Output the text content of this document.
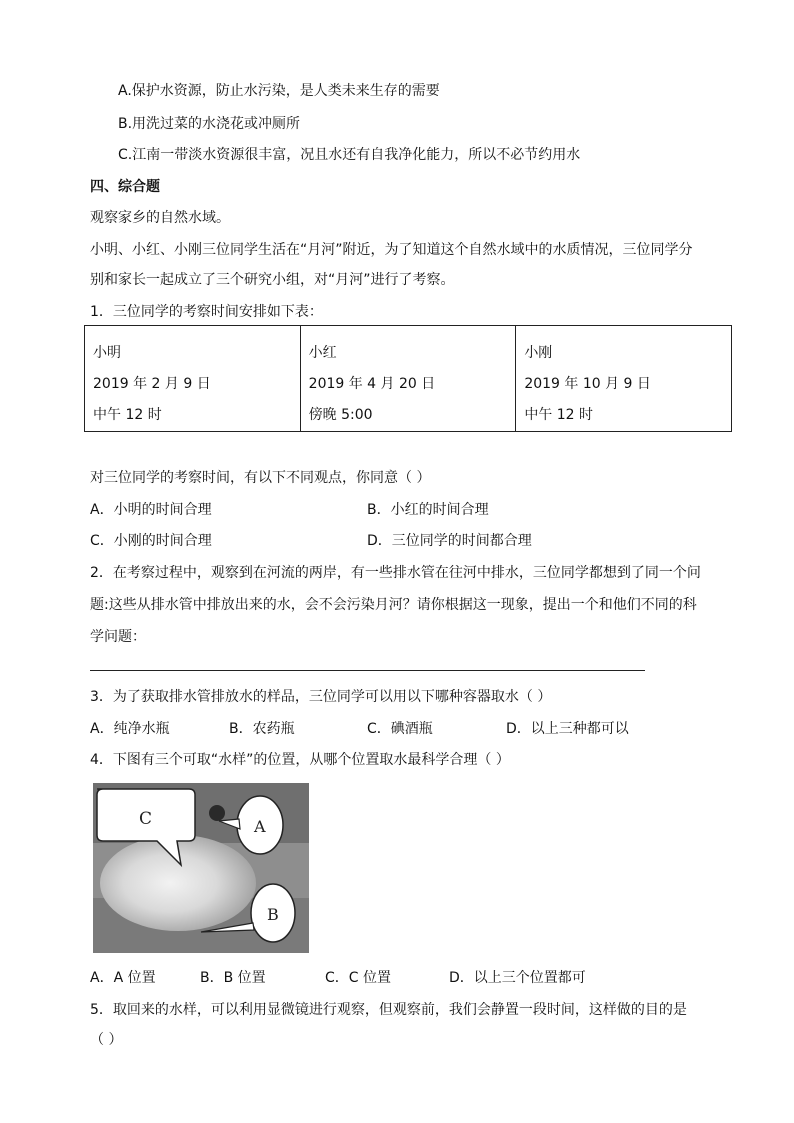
A.保护水资源，防止水污染，是人类未来生存的需要
B.用洗过菜的水浇花或冲厕所
C.江南一带淡水资源很丰富，况且水还有自我净化能力，所以不必节约用水
四、综合题
观察家乡的自然水域。
小明、小红、小刚三位同学生活在“月河”附近，为了知道这个自然水域中的水质情况，三位同学分
别和家长一起成立了三个研究小组，对“月河”进行了考察。
1．三位同学的考察时间安排如下表：
小明
2019 年 2 月 9 日
中午 12 时

小红
2019 年 4 月 20 日
傍晚 5:00

小刚
2019 年 10 月 9 日
中午 12 时
对三位同学的考察时间，有以下不同观点，你同意（ ）
A．小明的时间合理	B．小红的时间合理
C．小刚的时间合理	D．三位同学的时间都合理
2．在考察过程中，观察到在河流的两岸，有一些排水管在往河中排水，三位同学都想到了同一个问
题:这些从排水管中排放出来的水，会不会污染月河？请你根据这一现象，提出一个和他们不同的科
学问题：
3．为了获取排水管排放水的样品，三位同学可以用以下哪种容器取水（ ）
A．纯净水瓶	B．农药瓶	C．碘酒瓶	D．以上三种都可以
4．下图有三个可取“水样”的位置，从哪个位置取水最科学合理（ ）
C	A
B
A．A 位置	B．B 位置	C．C 位置	D．以上三个位置都可
5．取回来的水样，可以利用显微镜进行观察，但观察前，我们会静置一段时间，这样做的目的是
（ ）
